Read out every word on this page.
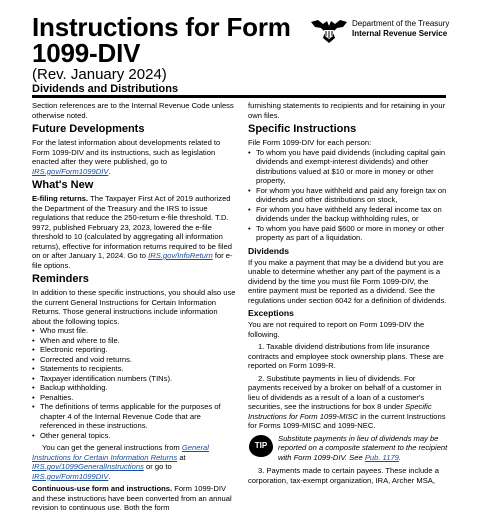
Instructions for Form
1099-DIV
(Rev. January 2024)
Dividends and Distributions
Department of the Treasury
Internal Revenue Service

Section references are to the Internal Revenue Code unless otherwise noted.

Future Developments

For the latest information about developments related to Form 1099-DIV and its instructions, such as legislation enacted after they were published, go to IRS.gov/Form1099DIV.

What's New

E-filing returns. The Taxpayer First Act of 2019 authorized the Department of the Treasury and the IRS to issue regulations that reduce the 250-return e-file threshold. T.D. 9972, published February 23, 2023, lowered the e-file threshold to 10 (calculated by aggregating all information returns), effective for information returns required to be filed on or after January 1, 2024. Go to IRS.gov/InfoReturn for e-file options.

Reminders

In addition to these specific instructions, you should also use the current General Instructions for Certain Information Returns. Those general instructions include information about the following topics.

• Who must file.
• When and where to file.
• Electronic reporting.
• Corrected and void returns.
• Statements to recipients.
• Taxpayer identification numbers (TINs).
• Backup withholding.
• Penalties.
• The definitions of terms applicable for the purposes of chapter 4 of the Internal Revenue Code that are referenced in these instructions.
• Other general topics.

You can get the general instructions from General Instructions for Certain Information Returns at IRS.gov/1099GeneralInstructions or go to IRS.gov/Form1099DIV.

Continuous-use form and instructions. Form 1099-DIV and these instructions have been converted from an annual revision to continuous use. Both the form

furnishing statements to recipients and for retaining in your own files.

Specific Instructions

File Form 1099-DIV for each person:

• To whom you have paid dividends (including capital gain dividends and exempt-interest dividends) and other distributions valued at $10 or more in money or other property,
• For whom you have withheld and paid any foreign tax on dividends and other distributions on stock,
• For whom you have withheld any federal income tax on dividends under the backup withholding rules, or
• To whom you have paid $600 or more in money or other property as part of a liquidation.
Dividends

If you make a payment that may be a dividend but you are unable to determine whether any part of the payment is a dividend by the time you must file Form 1099-DIV, the entire payment must be reported as a dividend. See the regulations under section 6042 for a definition of dividends.

Exceptions

You are not required to report on Form 1099-DIV the following.

1. Taxable dividend distributions from life insurance contracts and employee stock ownership plans. These are reported on Form 1099-R.

2. Substitute payments in lieu of dividends. For payments received by a broker on behalf of a customer in lieu of dividends as a result of a loan of a customer's securities, see the instructions for box 8 under Specific Instructions for Form 1099-MISC in the current Instructions for Forms 1099-MISC and 1099-NEC.

TIP
Substitute payments in lieu of dividends may be reported on a composite statement to the recipient with Form 1099-DIV. See Pub. 1179.

3. Payments made to certain payees. These include a corporation, tax-exempt organization, IRA, Archer MSA,
